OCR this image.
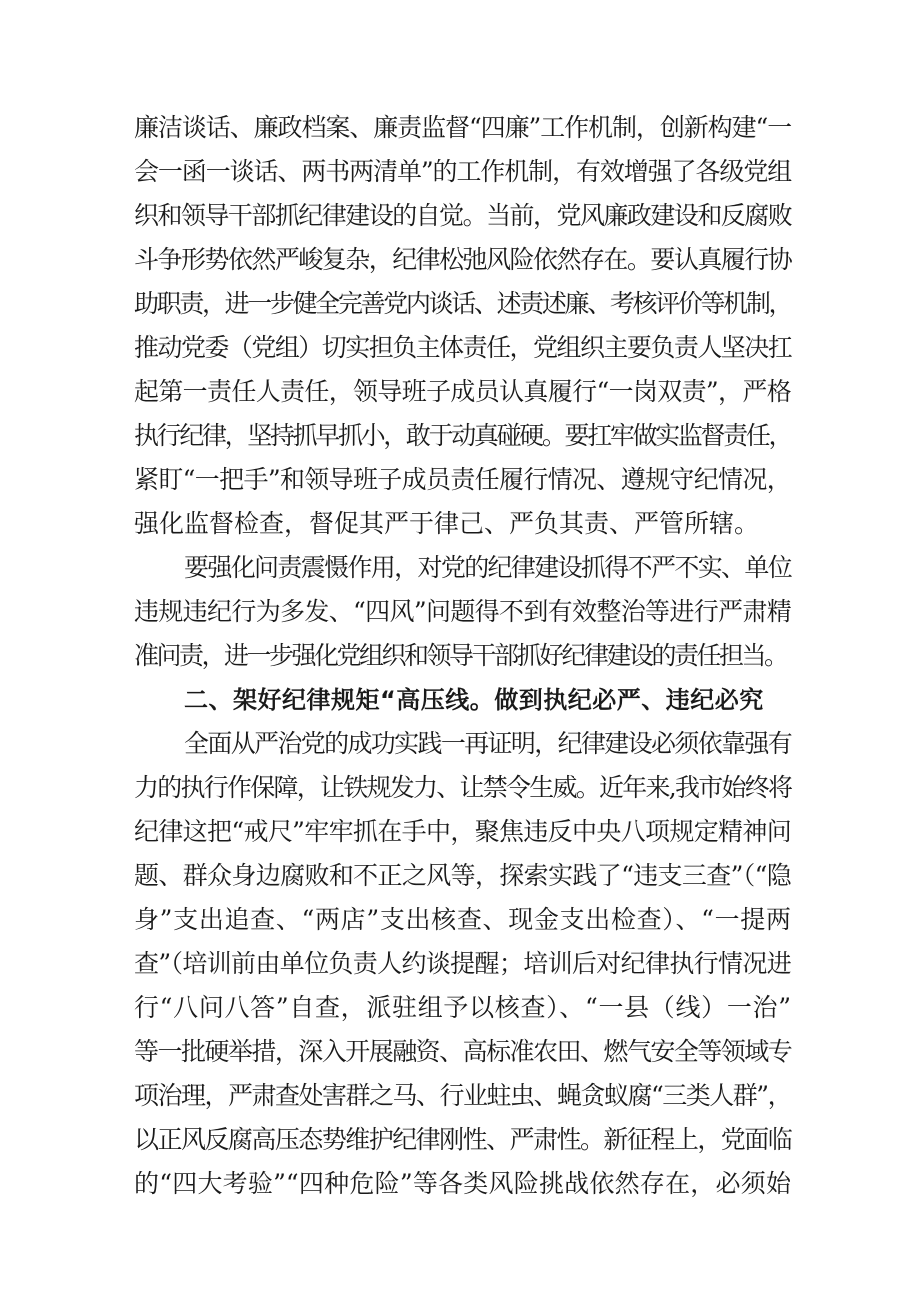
廉洁谈话、廉政档案、廉责监督“四廉”工作机制，创新构建“一
会一函一谈话、两书两清单”的工作机制，有效增强了各级党组
织和领导干部抓纪律建设的自觉。当前，党风廉政建设和反腐败
斗争形势依然严峻复杂，纪律松弛风险依然存在。要认真履行协
助职责，进一步健全完善党内谈话、述责述廉、考核评价等机制，
推动党委（党组）切实担负主体责任，党组织主要负责人坚决扛
起第一责任人责任，领导班子成员认真履行“一岗双责”，严格
执行纪律，坚持抓早抓小，敢于动真碰硬。要扛牢做实监督责任，
紧盯“一把手”和领导班子成员责任履行情况、遵规守纪情况，
强化监督检查，督促其严于律己、严负其责、严管所辖。
要强化问责震慑作用，对党的纪律建设抓得不严不实、单位
违规违纪行为多发、“四风”问题得不到有效整治等进行严肃精
准问责，进一步强化党组织和领导干部抓好纪律建设的责任担当。
二、架好纪律规矩“高压线。做到执纪必严、违纪必究
全面从严治党的成功实践一再证明，纪律建设必须依靠强有
力的执行作保障，让铁规发力、让禁令生威。近年来,我市始终将
纪律这把“戒尺”牢牢抓在手中，聚焦违反中央八项规定精神问
题、群众身边腐败和不正之风等，探索实践了“违支三查”（“隐
身”支出追查、“两店”支出核查、现金支出检查）、“一提两
查”（培训前由单位负责人约谈提醒；培训后对纪律执行情况进
行“八问八答”自查，派驻组予以核查）、“一县（线）一治”
等一批硬举措，深入开展融资、高标准农田、燃气安全等领域专
项治理，严肃查处害群之马、行业蛀虫、蝇贪蚁腐“三类人群”，
以正风反腐高压态势维护纪律刚性、严肃性。新征程上，党面临
的“四大考验”“四种危险”等各类风险挑战依然存在，必须始
